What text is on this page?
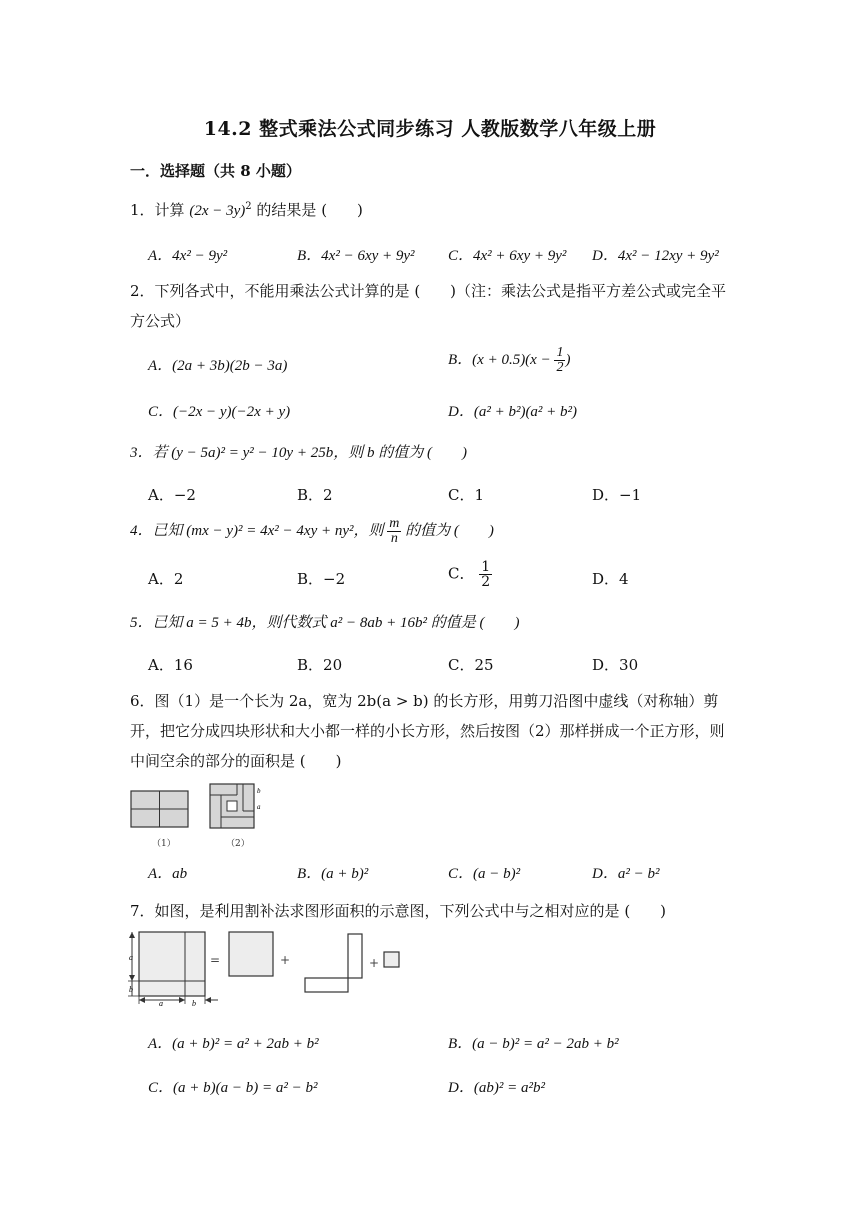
14.2 整式乘法公式同步练习 人教版数学八年级上册
一．选择题（共 8 小题）
1．计算 $(2x - 3y)^2$ 的结果是 (　　)
A．4x² − 9y²	B．4x² − 6xy + 9y² C．4x² + 6xy + 9y² D．4x² − 12xy + 9y²
2．下列各式中，不能用乘法公式计算的是 (　　)（注：乘法公式是指平方差公式或完全平方公式）
A．(2a + 3b)(2b − 3a)	B．$(x + 0.5)(x - \frac{1}{2}$ )
C．(−2x − y)(−2x + y)	D．(a² + b²)(a² + b²)
3．若 (y − 5a)² = y² − 10y + 25b，则 b 的值为 (　　)
A．−2	B．2	C．1	D．−1
4．已知 (mx − y)² = 4x² − 4xy + ny²，则 $\frac{m}{n}$ 的值为 (　　)
A．2	B．−2	C． $\frac{1}{2}$	D．4
5．已知 a = 5 + 4b，则代数式 a² − 8ab + 16b² 的值是 (　　)
A．16	B．20	C．25	D．30
6．图（1）是一个长为 2a，宽为 2b(a > b) 的长方形，用剪刀沿图中虚线（对称轴）剪开，把它分成四块形状和大小都一样的小长方形，然后按图（2）那样拼成一个正方形，则中间空余的部分的面积是 (　　)
（1）
b
a
（2）
A．ab	B．(a + b)²	C．(a − b)²	D．a² − b²
7．如图，是利用割补法求图形面积的示意图，下列公式中与之相对应的是 (　　)
a
b
a	b
=	+	+
A．(a + b)² = a² + 2ab + b²	B．(a − b)² = a² − 2ab + b²
C．(a + b)(a − b) = a² − b²	D．(ab)² = a²b²
